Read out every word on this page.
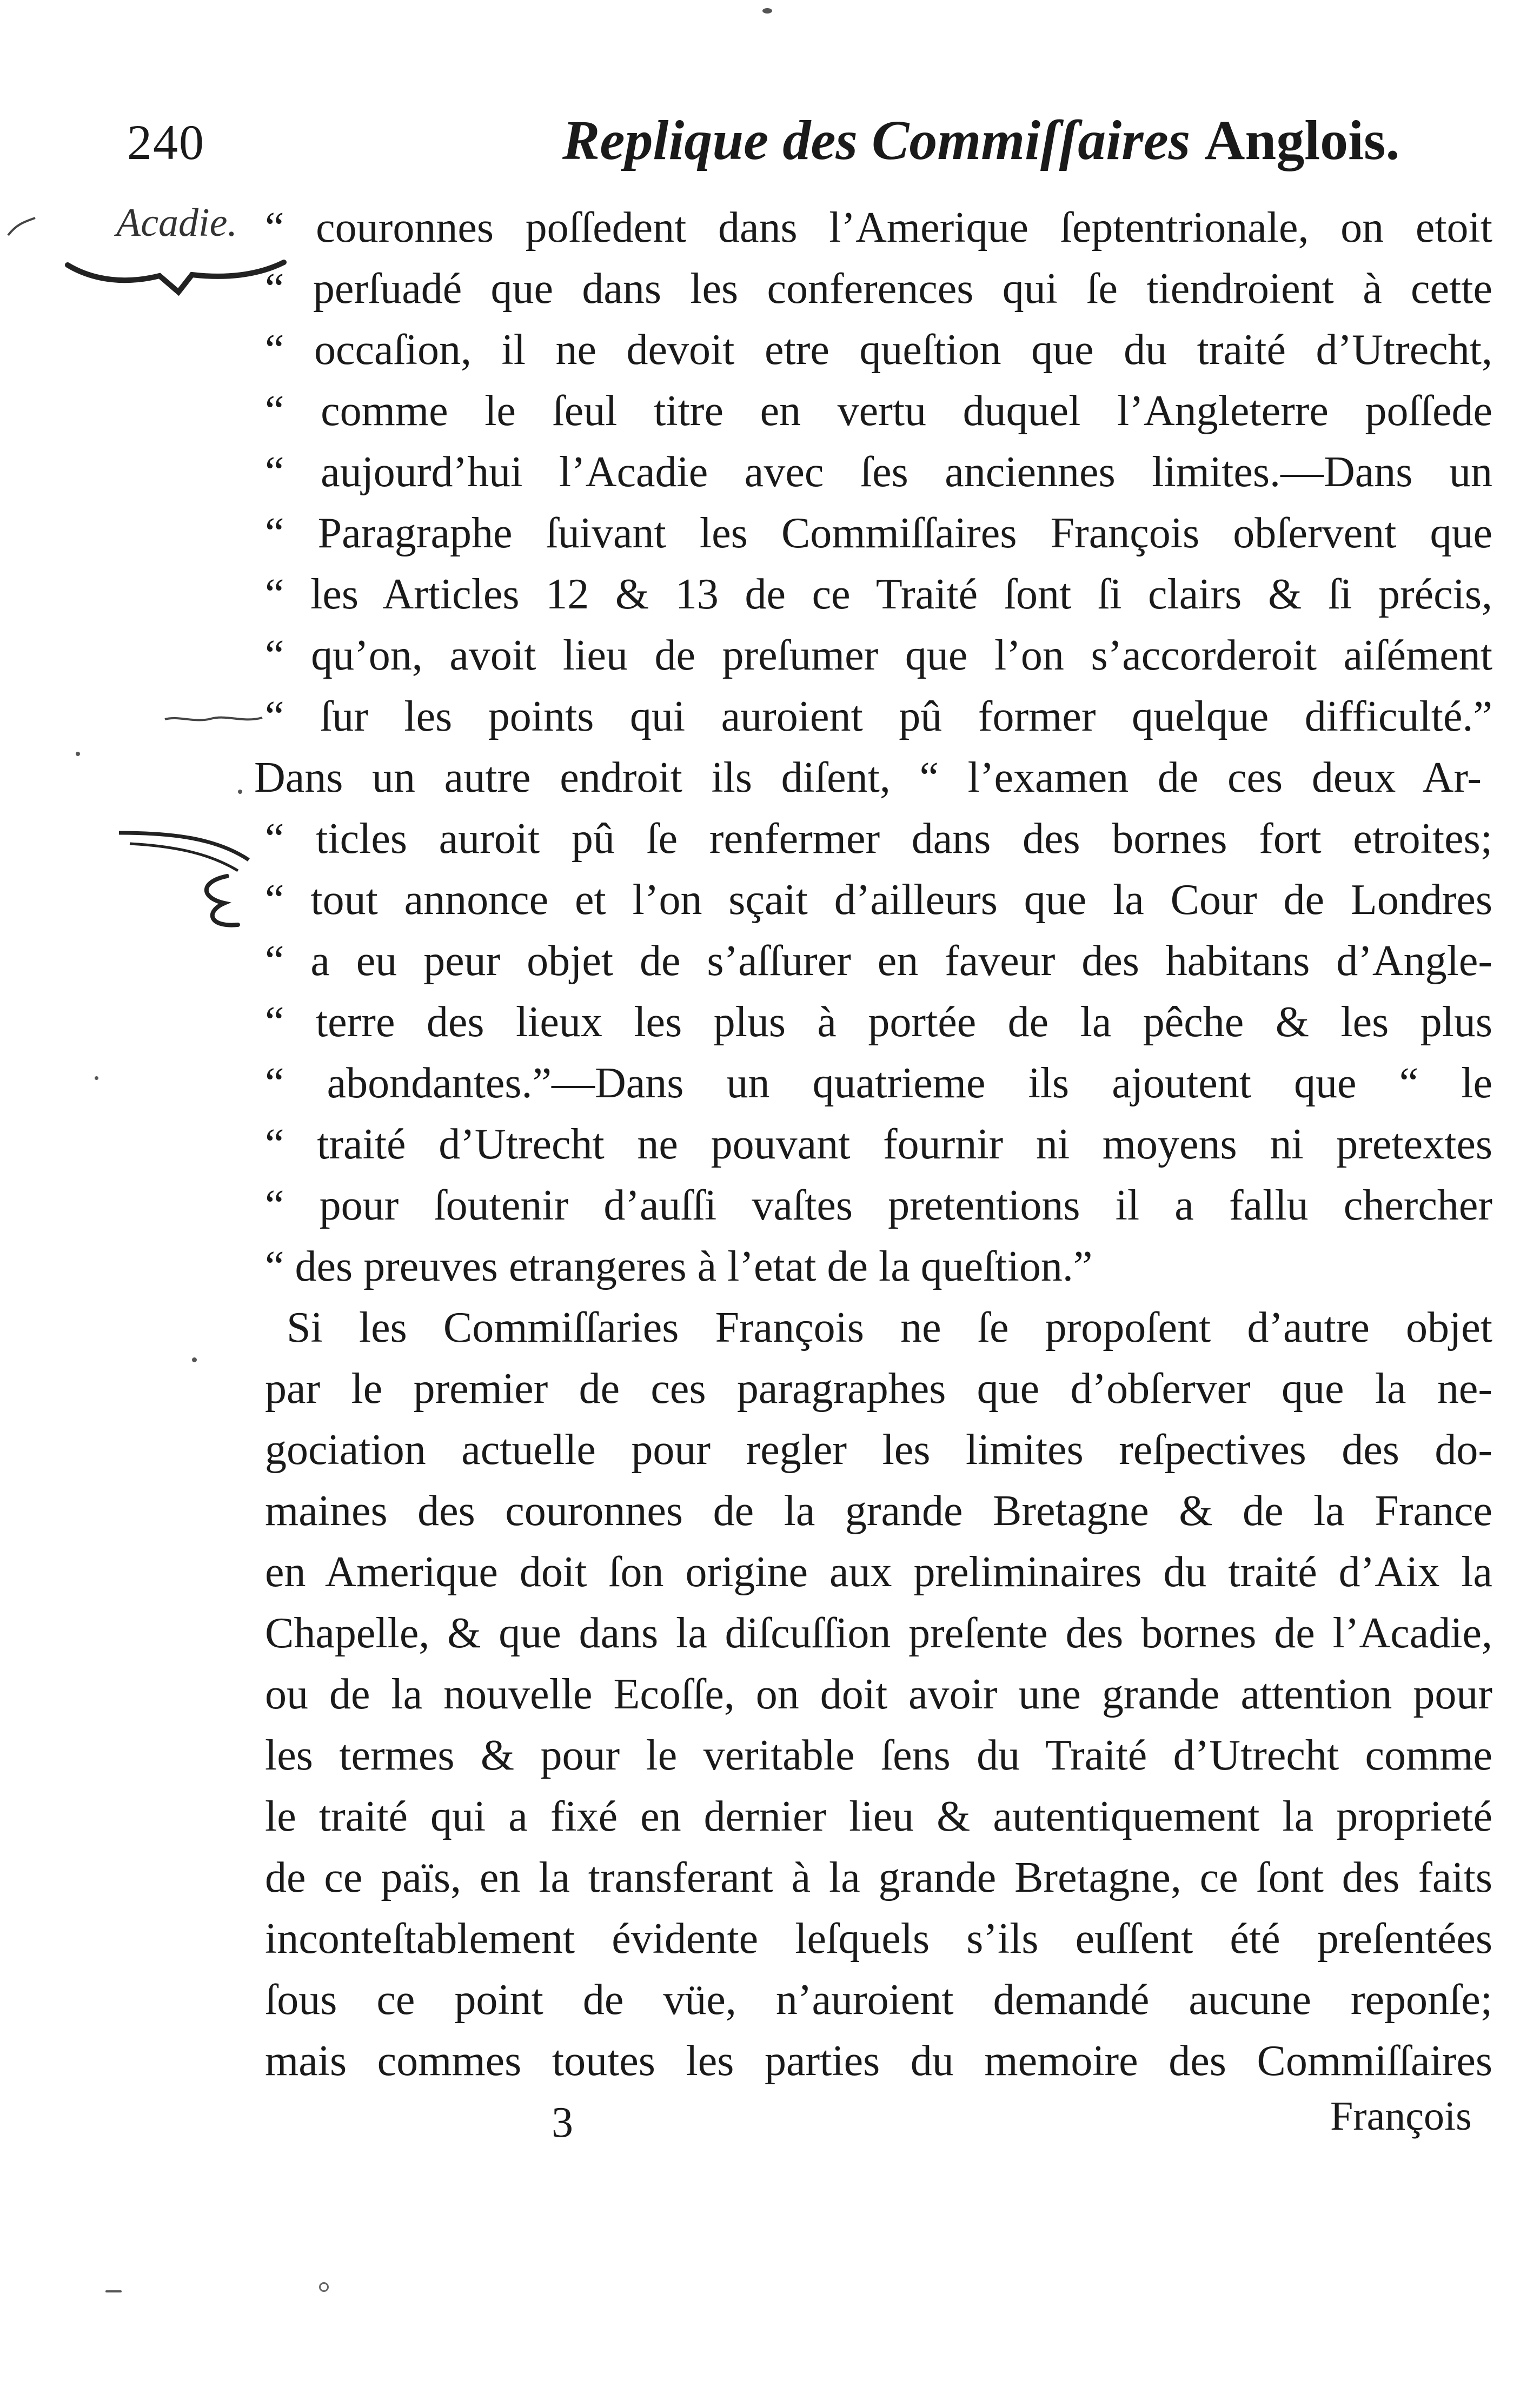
240	Replique des Commiſſaires Anglois.
Acadie. “ couronnes poſſedent dans l’Amerique ſeptentrionale, on etoit
“ perſuadé que dans les conferences qui ſe tiendroient à cette
“ occaſion, il ne devoit etre queſtion que du traité d’Utrecht,
“ comme le ſeul titre en vertu duquel l’Angleterre poſſede
“ aujourd’hui l’Acadie avec ſes anciennes limites.—Dans un
“ Paragraphe ſuivant les Commiſſaires François obſervent que
“ les Articles 12 & 13 de ce Traité ſont ſi clairs & ſi précis,
“ qu’on, avoit lieu de preſumer que l’on s’accorderoit aiſément
“ ſur les points qui auroient pû former quelque difficulté.”
Dans un autre endroit ils diſent, “ l’examen de ces deux Ar-
“ ticles auroit pû ſe renfermer dans des bornes fort etroites;
“ tout annonce et l’on sçait d’ailleurs que la Cour de Londres
“ a eu peur objet de s’aſſurer en faveur des habitans d’Angle-
“ terre des lieux les plus à portée de la pêche & les plus
“ abondantes.”—Dans un quatrieme ils ajoutent que “ le
“ traité d’Utrecht ne pouvant fournir ni moyens ni pretextes
“ pour ſoutenir d’auſſi vaſtes pretentions il a fallu chercher
“ des preuves etrangeres à l’etat de la queſtion.”
Si les Commiſſaries François ne ſe propoſent d’autre objet
par le premier de ces paragraphes que d’obſerver que la ne-
gociation actuelle pour regler les limites reſpectives des do-
maines des couronnes de la grande Bretagne & de la France
en Amerique doit ſon origine aux preliminaires du traité d’Aix la
Chapelle, & que dans la diſcuſſion preſente des bornes de l’Acadie,
ou de la nouvelle Ecoſſe, on doit avoir une grande attention pour
les termes & pour le veritable ſens du Traité d’Utrecht comme
le traité qui a fixé en dernier lieu & autentiquement la proprieté
de ce païs, en la transferant à la grande Bretagne, ce ſont des faits
inconteſtablement évidente leſquels s’ils euſſent été preſentées
ſous ce point de vüe, n’auroient demandé aucune reponſe;
mais commes toutes les parties du memoire des Commiſſaires
3	François
